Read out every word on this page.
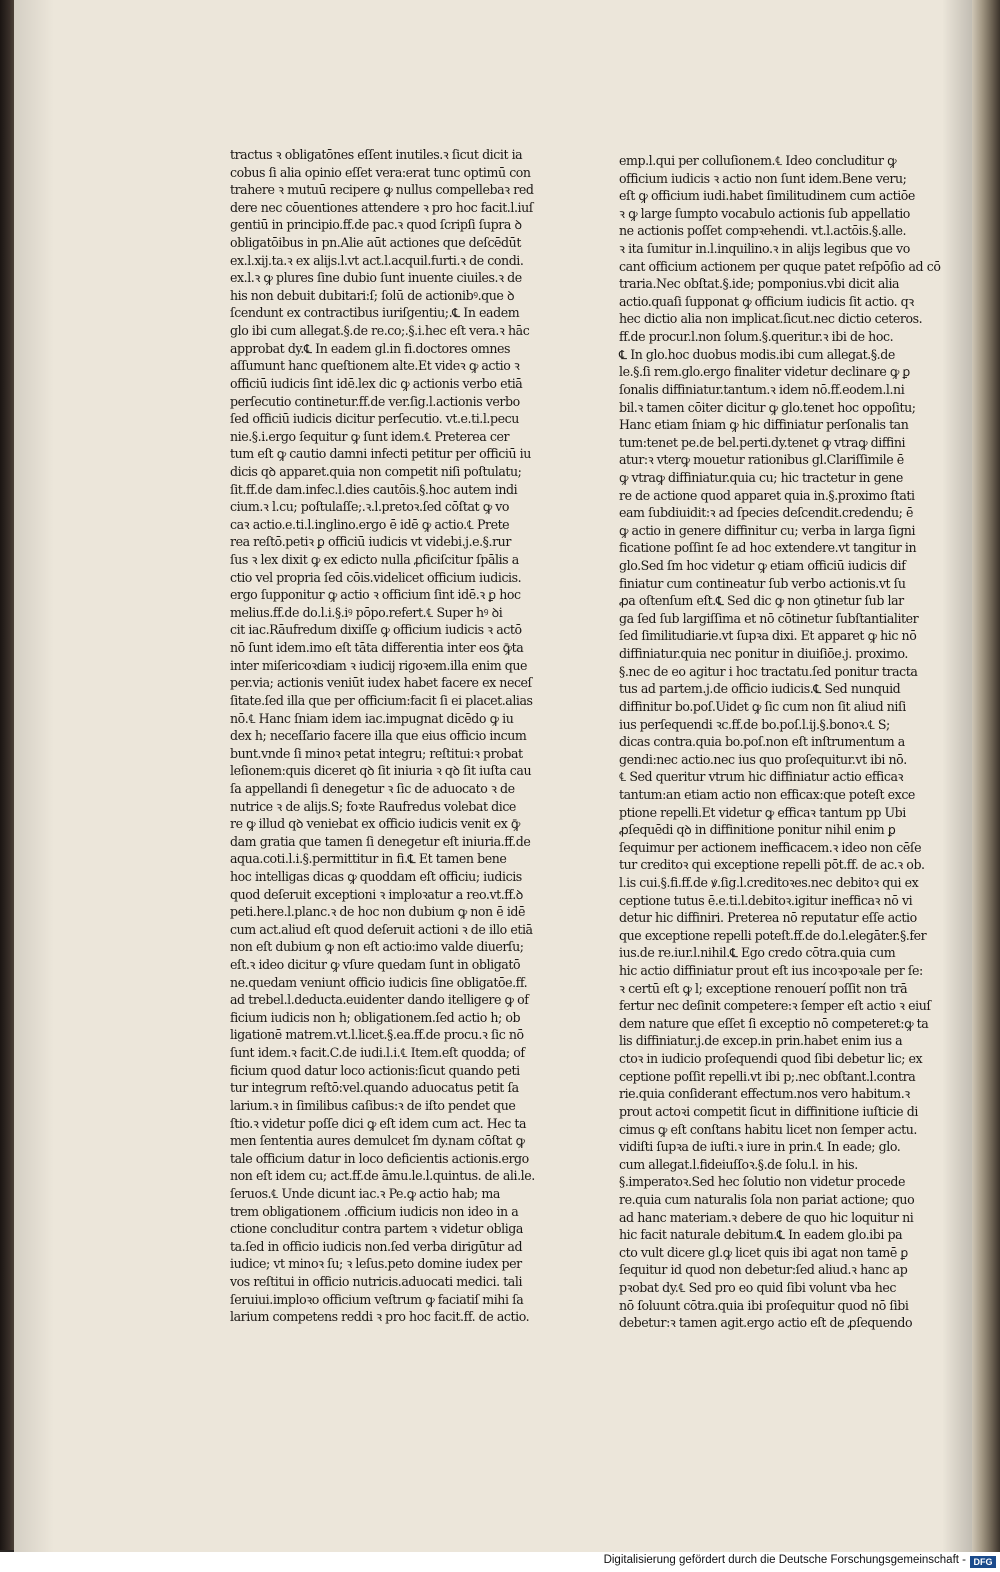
tractus ꝛ obligatōnes eſſent inutiles.ꝛ ſicut dicit ia
cobus ſi alia opinio eſſet vera:erat tunc optimū con
trahere ꝛ mutuū recipere ꝙ nullus compellebaꝛ red
dere nec cōuentiones attendere ꝛ pro hoc facit.l.iuſ
gentiū in principio.ff.de pac.ꝛ quod ſcripſi ſupra ꝺ
obligatōibus in pn.Alie aūt actiones que deſcēdūt
ex.l.xij.ta.ꝛ ex alijs.l.vt act.l.acquil.furti.ꝛ de condi.
ex.l.ꝛ ꝙ plures ſine dubio ſunt inuente ciuiles.ꝛ de
his non debuit dubitari:ſ; ſolū de actionibꝰ.que ꝺ
ſcendunt ex contractibus iuriſgentiu;.℄ In eadem
glo ibi cum allegat.§.de re.co;.§.i.hec eſt vera.ꝛ hāc
approbat dy.℄ In eadem gl.in fi.doctores omnes
aſſumunt hanc queſtionem alte.Et videꝛ ꝙ actio ꝛ
officiū iudicis ſint idē.lex dic ꝙ actionis verbo etiā
perſecutio continetur.ff.de ver.ſig.l.actionis verbo
ſed officiū iudicis dicitur perſecutio. vt.e.ti.l.pecu
nie.§.i.ergo ſequitur ꝙ ſunt idem.℄ Preterea cer
tum eſt ꝙ cautio damni infecti petitur per officiū iu
dicis qꝺ apparet.quia non competit niſi poſtulatu;
ſit.ff.de dam.infec.l.dies cautōis.§.hoc autem indi
cium.ꝛ l.cu; poſtulaſſe;.ꝛ.l.pretoꝛ.ſed cōſtat ꝙ vo
caꝛ actio.e.ti.l.inglino.ergo ē idē ꝙ actio.℄ Prete
rea reſtō.petiꝛ ꝑ officiū iudicis vt videbi.j.e.§.rur
ſus ꝛ lex dixit ꝙ ex edicto nulla ꝓficiſcitur ſpālis a
ctio vel propria ſed cōis.videlicet officium iudicis.
ergo ſupponitur ꝙ actio ꝛ officium ſint idē.ꝛ ꝑ hoc
melius.ff.de do.l.i.§.iꝰ pōpo.refert.℄ Super hꝰ ꝺi
cit iac.Rāufredum dixiſſe ꝙ officium iudicis ꝛ actō
nō ſunt idem.imo eſt tāta differentia inter eos ꝙ̄ta
inter miſericoꝛdiam ꝛ iudicij rigoꝛem.illa enim que
per.via; actionis veniūt iudex habet facere ex neceſ
ſitate.ſed illa que per officium:facit ſi ei placet.alias
nō.℄ Hanc ſniam idem iac.impugnat dicēdo ꝙ iu
dex h; neceſſario facere illa que eius officio incum
bunt.vnde ſi minoꝛ petat integru; reſtitui:ꝛ probat
leſionem:quis diceret qꝺ ſit iniuria ꝛ qꝺ ſit iuſta cau
ſa appellandi ſi denegetur ꝛ ſic de aduocato ꝛ de
nutrice ꝛ de alijs.S; foꝛte Raufredus volebat dice
re ꝙ illud qꝺ veniebat ex officio iudicis venit ex ꝙ̄
dam gratia que tamen ſi denegetur eſt iniuria.ff.de
aqua.coti.l.i.§.permittitur in fi.℄ Et tamen bene
hoc intelligas dicas ꝙ quoddam eſt officiu; iudicis
quod deſeruit exceptioni ꝛ imploꝛatur a reo.vt.ff.ꝺ
peti.here.l.planc.ꝛ de hoc non dubium ꝙ non ē idē
cum act.aliud eſt quod deſeruit actioni ꝛ de illo etiā
non eſt dubium ꝙ non eſt actio:imo valde diuerſu;
eſt.ꝛ ideo dicitur ꝙ vſure quedam ſunt in obligatō
ne.quedam veniunt officio iudicis ſine obligatōe.ff.
ad trebel.l.deducta.euidenter dando itelligere ꝙ of
ficium iudicis non h; obligationem.ſed actio h; ob
ligationē matrem.vt.l.licet.§.ea.ff.de procu.ꝛ ſic nō
ſunt idem.ꝛ facit.C.de iudi.l.i.℄ Item.eſt quodda; of
ficium quod datur loco actionis:ſicut quando peti
tur integrum reſtō:vel.quando aduocatus petit ſa
larium.ꝛ in ſimilibus caſibus:ꝛ de iſto pendet que
ſtio.ꝛ videtur poſſe dici ꝙ eſt idem cum act. Hec ta
men ſententia aures demulcet ſm dy.nam cōſtat ꝙ
tale officium datur in loco deficientis actionis.ergo
non eſt idem cu; act.ff.de āmu.le.l.quintus. de ali.le.
ſeruos.℄ Unde dicunt iac.ꝛ Pe.ꝙ actio hab; ma
trem obligationem .officium iudicis non ideo in a
ctione concluditur contra partem ꝛ videtur obliga
ta.ſed in officio iudicis non.ſed verba dirigūtur ad
iudice; vt minoꝛ ſu; ꝛ leſus.peto domine iudex per
vos reſtitui in officio nutricis.aduocati medici. tali
ſeruiui.imploꝛo officium veſtrum ꝙ faciatiſ mihi ſa
larium competens reddi ꝛ pro hoc facit.ff. de actio.
emp.l.qui per colluſionem.℄ Ideo concluditur ꝙ
officium iudicis ꝛ actio non ſunt idem.Bene veru;
eſt ꝙ officium iudi.habet ſimilitudinem cum actiōe
ꝛ ꝙ large ſumpto vocabulo actionis ſub appellatio
ne actionis poſſet compꝛehendi. vt.l.actōis.§.alle.
ꝛ ita ſumitur in.l.inquilino.ꝛ in alijs legibus que vo
cant officium actionem per quque patet reſpōſio ad cō
traria.Nec obſtat.§.ide; pomponius.vbi dicit alia
actio.quaſi ſupponat ꝙ officium iudicis ſit actio. qꝛ
hec dictio alia non implicat.ſicut.nec dictio ceteros.
ff.de procur.l.non ſolum.§.queritur.ꝛ ibi de hoc.
℄ In glo.hoc duobus modis.ibi cum allegat.§.de
le.§.ſi rem.glo.ergo finaliter videtur declinare ꝙ ꝑ
ſonalis diffiniatur.tantum.ꝛ idem nō.ff.eodem.l.ni
bil.ꝛ tamen cōiter dicitur ꝙ glo.tenet hoc oppoſitu;
Hanc etiam ſniam ꝙ hic diffiniatur perſonalis tan
tum:tenet pe.de bel.perti.dy.tenet ꝙ vtraꝙ diffini
atur:ꝛ vterꝙ mouetur rationibus gl.Clariſſimile ē
ꝙ vtraꝙ diffiniatur.quia cu; hic tractetur in gene
re de actione quod apparet quia in.§.proximo ſtati
eam ſubdiuidit:ꝛ ad ſpecies deſcendit.credendu; ē
ꝙ actio in genere diffinitur cu; verba in larga ſigni
ficatione poſſint ſe ad hoc extendere.vt tangitur in
glo.Sed ſm hoc videtur ꝙ etiam officiū iudicis dif
finiatur cum contineatur ſub verbo actionis.vt ſu
ꝓa oſtenſum eſt.℄ Sed dic ꝙ non ꝯtinetur ſub lar
ga ſed ſub largiſſima et nō cōtinetur ſubſtantialiter
ſed ſimilitudiarie.vt ſupꝛa dixi. Et apparet ꝙ hic nō
diffiniatur.quia nec ponitur in diuiſiōe.j. proximo.
§.nec de eo agitur i hoc tractatu.ſed ponitur tracta
tus ad partem.j.de officio iudicis.℄ Sed nunquid
diffinitur bo.poſ.Uidet ꝙ ſic cum non ſit aliud niſi
ius perſequendi ꝛc.ff.de bo.poſ.l.ij.§.bonoꝛ.℄ S;
dicas contra.quia bo.poſ.non eſt inſtrumentum a
gendi:nec actio.nec ius quo proſequitur.vt ibi nō.
℄ Sed queritur vtrum hic diffiniatur actio efficaꝛ
tantum:an etiam actio non efficax:que poteſt exce
ptione repelli.Et videtur ꝙ efficaꝛ tantum pp Ubi
ꝓſequēdi qꝺ in diffinitione ponitur nihil enim ꝑ
ſequimur per actionem inefficacem.ꝛ ideo non cēſe
tur creditoꝛ qui exceptione repelli pōt.ff. de ac.ꝛ ob.
l.is cui.§.fi.ff.de ꝟ.ſig.l.creditoꝛes.nec debitoꝛ qui ex
ceptione tutus ē.e.ti.l.debitoꝛ.igitur inefficaꝛ nō vi
detur hic diffiniri. Preterea nō reputatur eſſe actio
que exceptione repelli poteſt.ff.de do.l.elegāter.§.fer
ius.de re.iur.l.nihil.℄ Ego credo cōtra.quia cum
hic actio diffiniatur prout eſt ius incoꝛpoꝛale per ſe:
ꝛ certū eſt ꝙ l; exceptione renouerí poſſit non trā
fertur nec deſinit competere:ꝛ ſemper eſt actio ꝛ eiuſ
dem nature que eſſet ſi exceptio nō competeret:ꝙ ta
lis diffiniatur.j.de excep.in prin.habet enim ius a
ctoꝛ in iudicio proſequendi quod ſibi debetur lic; ex
ceptione poſſit repelli.vt ibi p;.nec obſtant.l.contra
rie.quia conſiderant effectum.nos vero habitum.ꝛ
prout actoꝛi competit ſicut in diffinitione iuſticie di
cimus ꝙ eſt conſtans habitu licet non ſemper actu.
vidiſti ſupꝛa de iuſti.ꝛ iure in prin.℄ In eade; glo.
cum allegat.l.fideiuſſoꝛ.§.de ſolu.l. in his.
§.imperatoꝛ.Sed hec ſolutio non videtur procede
re.quia cum naturalis ſola non pariat actione; quo
ad hanc materiam.ꝛ debere de quo hic loquitur ni
hic facit naturale debitum.℄ In eadem glo.ibi pa
cto vult dicere gl.ꝙ licet quis ibi agat non tamē ꝑ
ſequitur id quod non debetur:ſed aliud.ꝛ hanc ap
pꝛobat dy.℄ Sed pro eo quid ſibi volunt vba hec
nō ſoluunt cōtra.quia ibi proſequitur quod nō ſibi
debetur:ꝛ tamen agit.ergo actio eſt de ꝓſequendo
Digitalisierung gefördert durch die Deutsche Forschungsgemeinschaft - DFG
